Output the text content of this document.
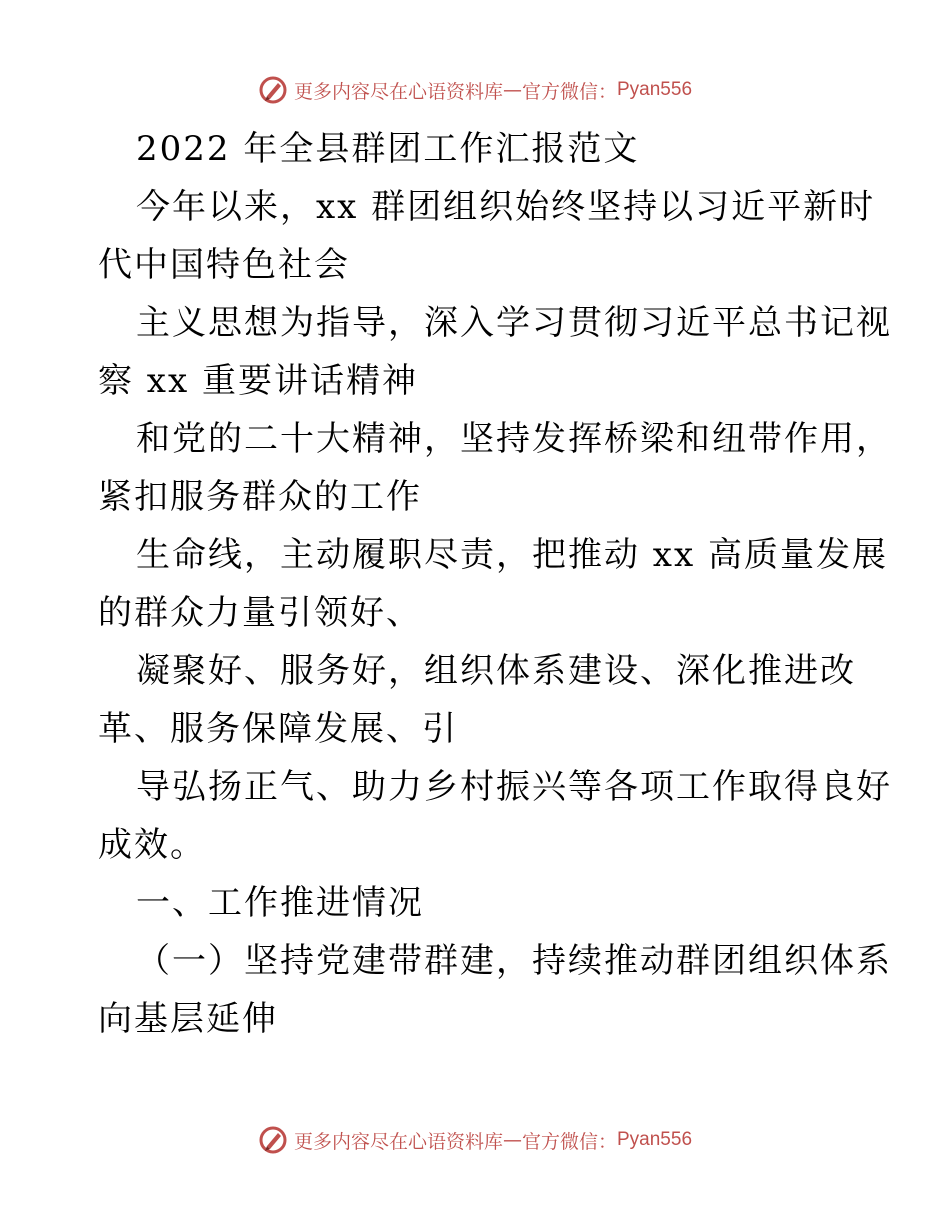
更多内容尽在心语资料库 — 官方微信： Pyan556
2022 年全县群团工作汇报范文
今年以来，xx 群团组织始终坚持以习近平新时
代中国特色社会
主义思想为指导，深入学习贯彻习近平总书记视
察 xx 重要讲话精神
和党的二十大精神，坚持发挥桥梁和纽带作用，
紧扣服务群众的工作
生命线，主动履职尽责，把推动 xx 高质量发展
的群众力量引领好、
凝聚好、服务好，组织体系建设、深化推进改
革、服务保障发展、引
导弘扬正气、助力乡村振兴等各项工作取得良好
成效。
一、工作推进情况
（一）坚持党建带群建，持续推动群团组织体系
向基层延伸
更多内容尽在心语资料库 — 官方微信： Pyan556
